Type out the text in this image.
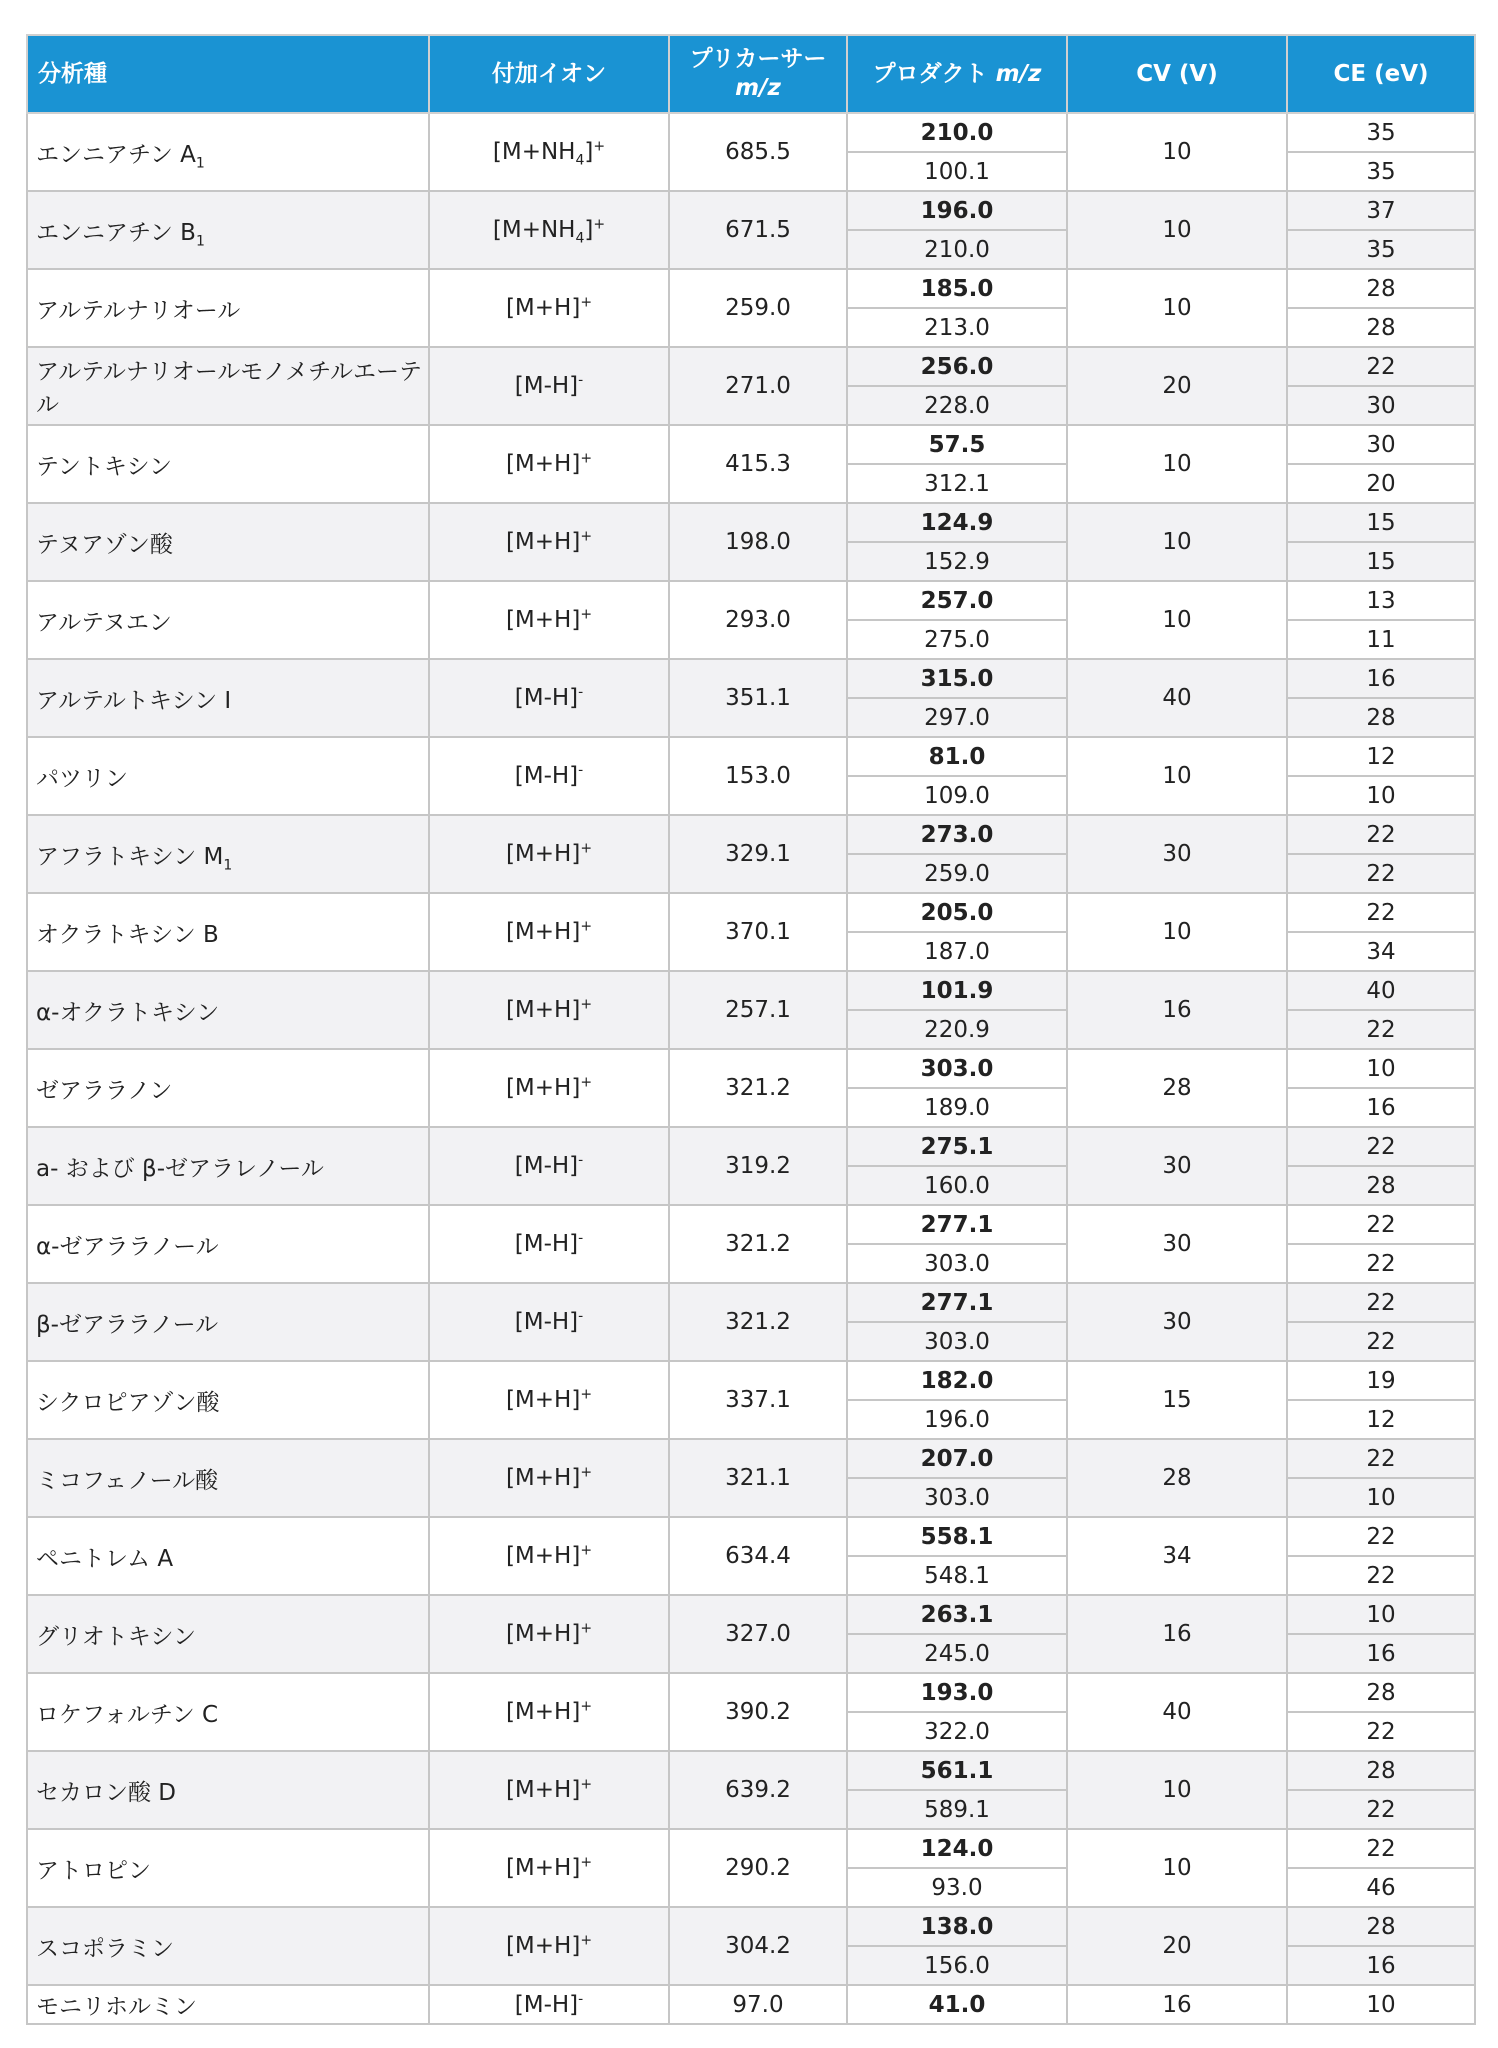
分析種	付加イオン	プリカーサー
m/z	プロダクト m/z	CV (V)	CE (eV)
エンニアチン $A_1$	$[M+NH_4]^+$	685.5	210.0	10	35
			100.1		35
エンニアチン $B_1$	$[M+NH_4]^+$	671.5	196.0	10	37
			210.0		35
アルテルナリオール	[M+H]+	259.0	185.0	10	28
			213.0		28
アルテルナリオールモノメチルエーテル	[M-H]-	271.0	256.0	20	22
			228.0		30
テントキシン	[M+H]+	415.3	57.5	10	30
			312.1		20
テヌアゾン酸	[M+H]+	198.0	124.9	10	15
			152.9		15
アルテヌエン	[M+H]+	293.0	257.0	10	13
			275.0		11
アルテルトキシン I	[M-H]-	351.1	315.0	40	16
			297.0		28
パツリン	[M-H]-	153.0	81.0	10	12
			109.0		10
アフラトキシン $M_1$	[M+H]+	329.1	273.0	30	22
			259.0		22
オクラトキシン B	[M+H]+	370.1	205.0	10	22
			187.0		34
α-オクラトキシン	[M+H]+	257.1	101.9	16	40
			220.9		22
ゼアララノン	[M+H]+	321.2	303.0	28	10
			189.0		16
a- および β-ゼアラレノール	[M-H]-	319.2	275.1	30	22
			160.0		28
α-ゼアララノール	[M-H]-	321.2	277.1	30	22
			303.0		22
β-ゼアララノール	[M-H]-	321.2	277.1	30	22
			303.0		22
シクロピアゾン酸	[M+H]+	337.1	182.0	15	19
			196.0		12
ミコフェノール酸	[M+H]+	321.1	207.0	28	22
			303.0		10
ペニトレム A	[M+H]+	634.4	558.1	34	22
			548.1		22
グリオトキシン	[M+H]+	327.0	263.1	16	10
			245.0		16
ロケフォルチン C	[M+H]+	390.2	193.0	40	28
			322.0		22
セカロン酸 D	[M+H]+	639.2	561.1	10	28
			589.1		22
アトロピン	[M+H]+	290.2	124.0	10	22
			93.0		46
スコポラミン	[M+H]+	304.2	138.0	20	28
			156.0		16
モニリホルミン	[M-H]-	97.0	41.0	16	10
